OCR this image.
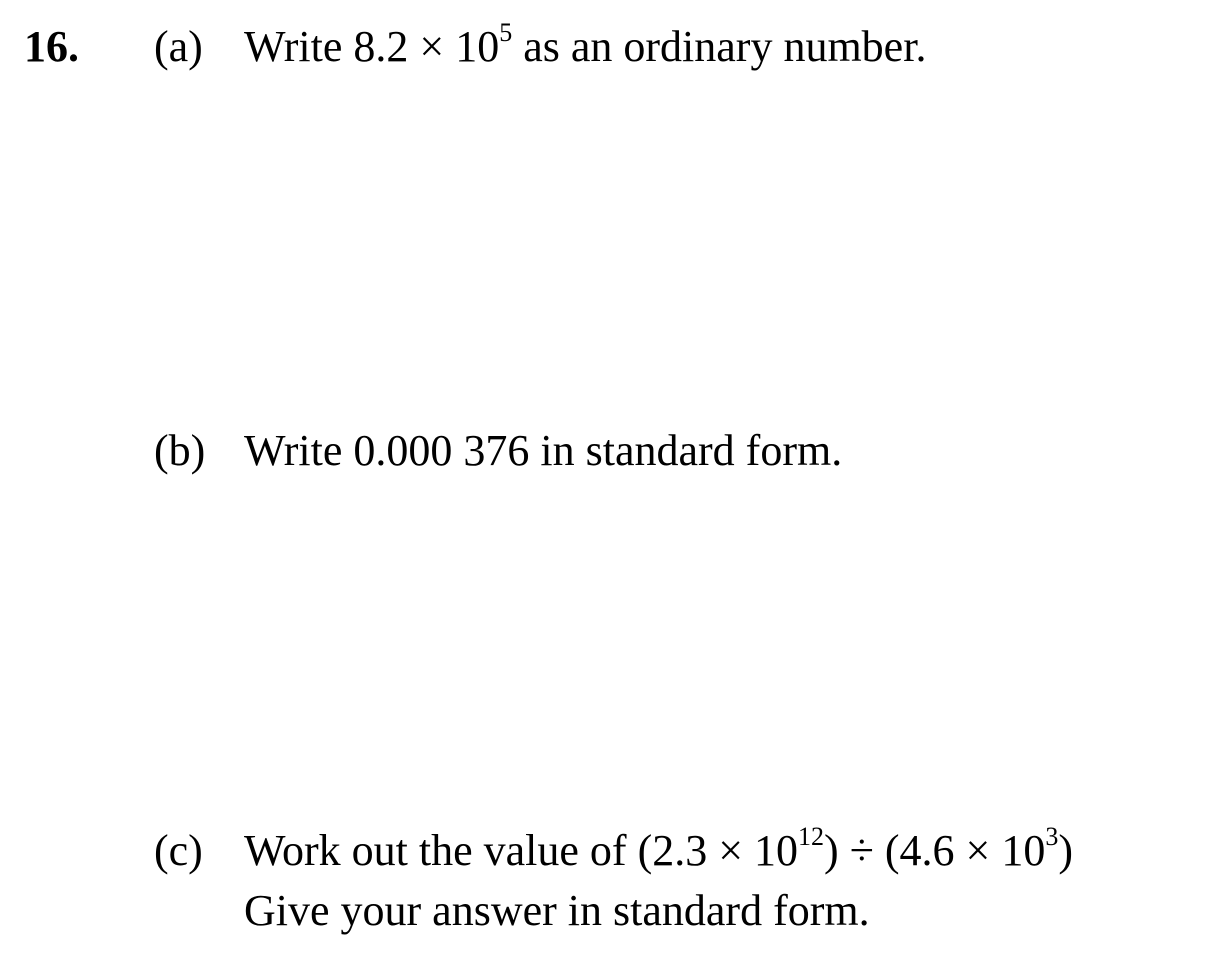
16. (a) Write $8.2 \times 10^5$ as an ordinary number.
(b) Write 0.000 376 in standard form.
(c) Work out the value of $(2.3 \times 10^{12}) \div (4.6 \times 10^3)$
Give your answer in standard form.
